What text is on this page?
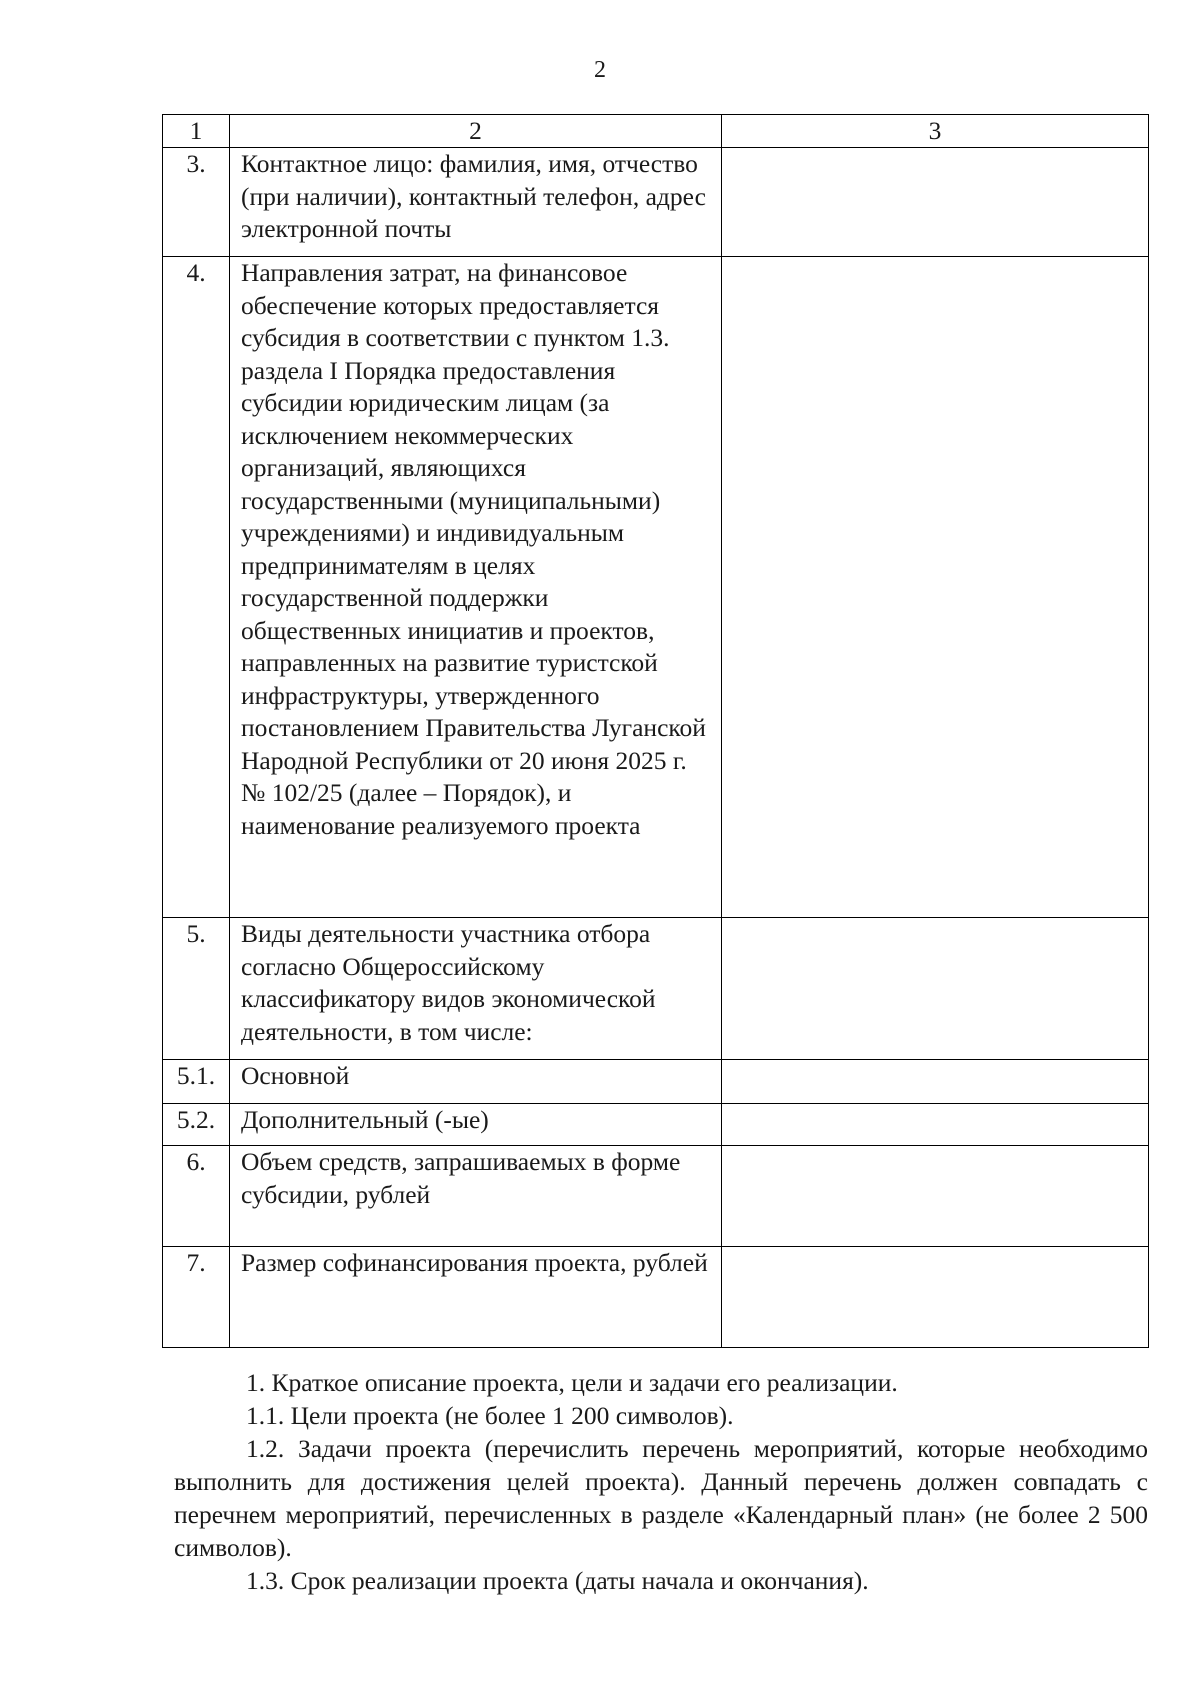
2
1	2	3
3.	Контактное лицо: фамилия, имя, отчество (при наличии), контактный телефон, адрес электронной почты	
4.	Направления затрат, на финансовое обеспечение которых предоставляется субсидия в соответствии с пунктом 1.3. раздела I Порядка предоставления субсидии юридическим лицам (за исключением некоммерческих организаций, являющихся государственными (муниципальными) учреждениями) и индивидуальным предпринимателям в целях государственной поддержки общественных инициатив и проектов, направленных на развитие туристской инфраструктуры, утвержденного постановлением Правительства Луганской Народной Республики от 20 июня 2025 г. № 102/25 (далее – Порядок), и наименование реализуемого проекта	
5.	Виды деятельности участника отбора согласно Общероссийскому классификатору видов экономической деятельности, в том числе:	
5.1.	Основной	
5.2.	Дополнительный (-ые)	
6.	Объем средств, запрашиваемых в форме субсидии, рублей	
7.	Размер софинансирования проекта, рублей	

1. Краткое описание проекта, цели и задачи его реализации.

1.1. Цели проекта (не более 1 200 символов).

1.2. Задачи проекта (перечислить перечень мероприятий, которые необходимо выполнить для достижения целей проекта). Данный перечень должен совпадать с перечнем мероприятий, перечисленных в разделе «Календарный план» (не более 2 500 символов).

1.3. Срок реализации проекта (даты начала и окончания).
